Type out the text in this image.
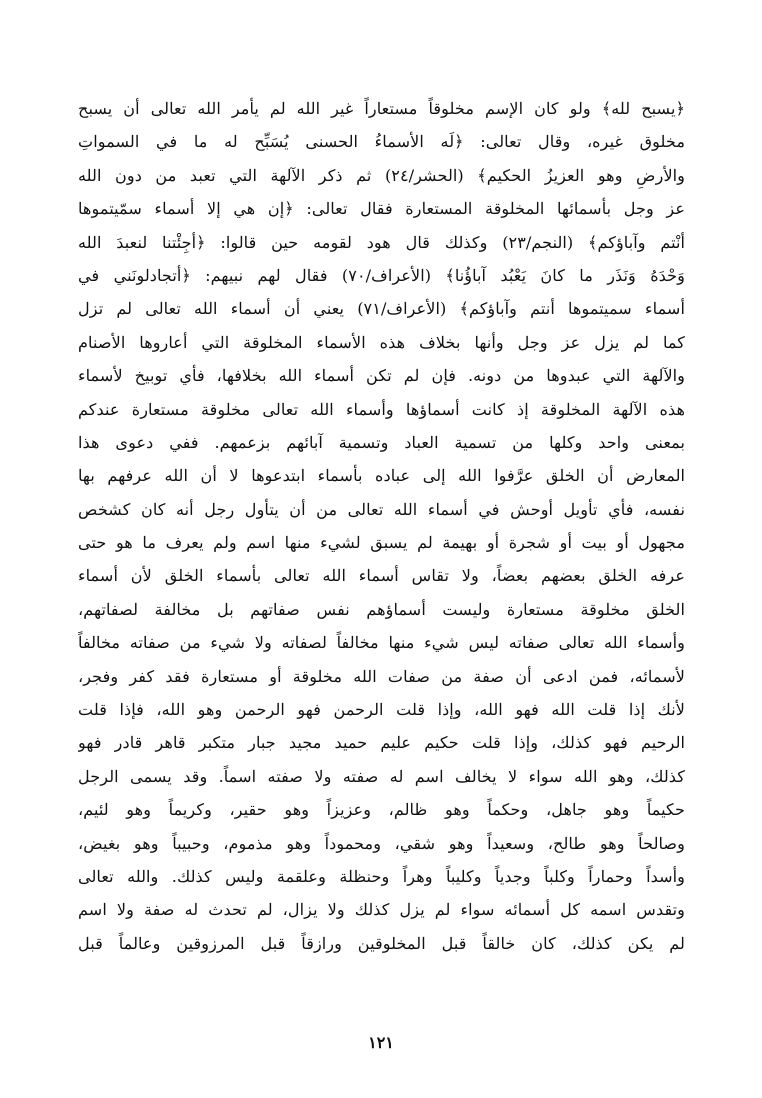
﴿يسبح لله﴾ ولو كان الإسم مخلوقاً مستعاراً غير الله لم يأمر الله تعالى أن يسبح
مخلوق غيره، وقال تعالى: ﴿لَه الأسماءُ الحسنى يُسَبِّح له ما في السمواتِ
والأرضِ وهو العزيزُ الحكيم﴾ (الحشر/٢٤) ثم ذكر الآلهة التي تعبد من دون الله
عز وجل بأسمائها المخلوقة المستعارة فقال تعالى: ﴿إن هي إلا أسماء سمّيتموها
أنْتم وآباؤكم﴾ (النجم/٢٣) وكذلك قال هود لقومه حين قالوا: ﴿أجِئْتنا لنعبدَ الله
وَحْدَهُ وَنَذَر ما كانَ يَعْبُد آباؤُنا﴾ (الأعراف/٧٠) فقال لهم نبيهم: ﴿أتجادلونَني في
أسماء سميتموها أنتم وآباؤكم﴾ (الأعراف/٧١) يعني أن أسماء الله تعالى لم تزل
كما لم يزل عز وجل وأنها بخلاف هذه الأسماء المخلوقة التي أعاروها الأصنام
والآلهة التي عبدوها من دونه. فإن لم تكن أسماء الله بخلافها، فأي توبيخ لأسماء
هذه الآلهة المخلوقة إذ كانت أسماؤها وأسماء الله تعالى مخلوقة مستعارة عندكم
بمعنى واحد وكلها من تسمية العباد وتسمية آبائهم بزعمهم. ففي دعوى هذا
المعارض أن الخلق عرَّفوا الله إلى عباده بأسماء ابتدعوها لا أن الله عرفهم بها
نفسه، فأي تأويل أوحش في أسماء الله تعالى من أن يتأول رجل أنه كان كشخص
مجهول أو بيت أو شجرة أو بهيمة لم يسبق لشيء منها اسم ولم يعرف ما هو حتى
عرفه الخلق بعضهم بعضاً، ولا تقاس أسماء الله تعالى بأسماء الخلق لأن أسماء
الخلق مخلوقة مستعارة وليست أسماؤهم نفس صفاتهم بل مخالفة لصفاتهم،
وأسماء الله تعالى صفاته ليس شيء منها مخالفاً لصفاته ولا شيء من صفاته مخالفاً
لأسمائه، فمن ادعى أن صفة من صفات الله مخلوقة أو مستعارة فقد كفر وفجر،
لأنك إذا قلت الله فهو الله، وإذا قلت الرحمن فهو الرحمن وهو الله، فإذا قلت
الرحيم فهو كذلك، وإذا قلت حكيم عليم حميد مجيد جبار متكبر قاهر قادر فهو
كذلك، وهو الله سواء لا يخالف اسم له صفته ولا صفته اسماً. وقد يسمى الرجل
حكيماً وهو جاهل، وحكماً وهو ظالم، وعزيزاً وهو حقير، وكريماً وهو لئيم،
وصالحاً وهو طالح، وسعيداً وهو شقي، ومحموداً وهو مذموم، وحبيباً وهو بغيض،
وأسداً وحماراً وكلباً وجدياً وكليباً وهراً وحنظلة وعلقمة وليس كذلك. والله تعالى
وتقدس اسمه كل أسمائه سواء لم يزل كذلك ولا يزال، لم تحدث له صفة ولا اسم
لم يكن كذلك، كان خالقاً قبل المخلوقين ورازقاً قبل المرزوقين وعالماً قبل
١٢١
